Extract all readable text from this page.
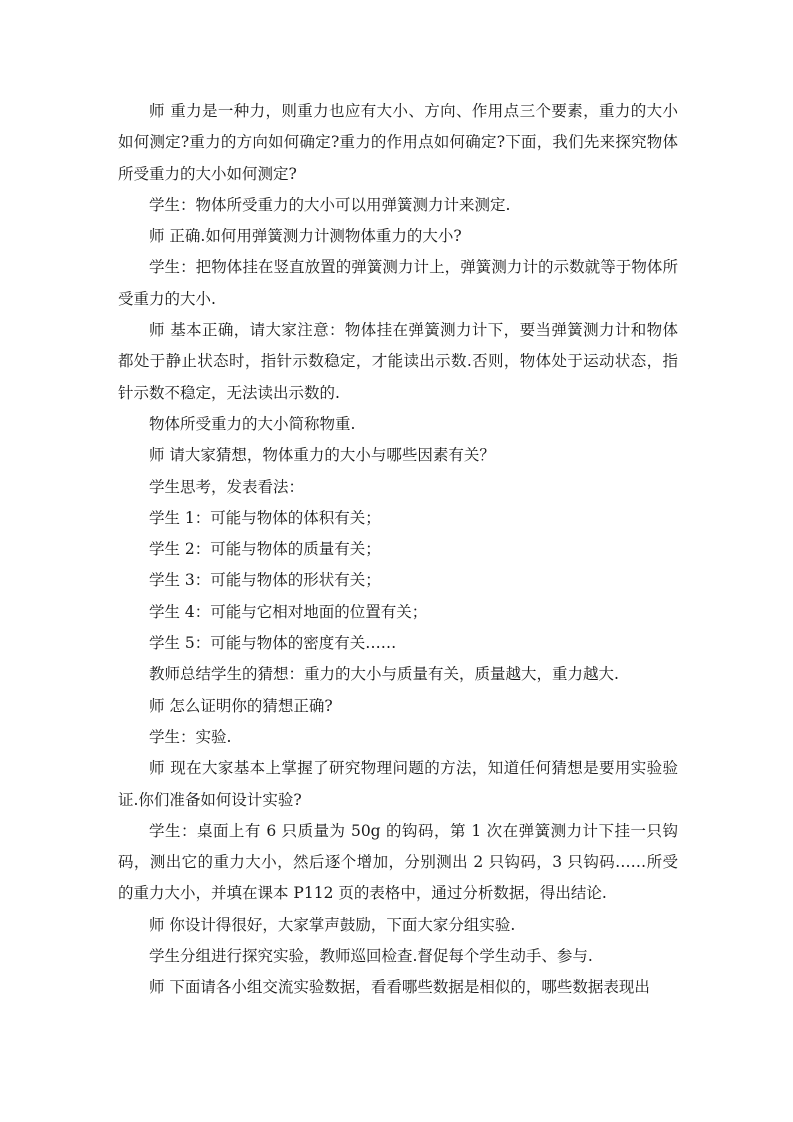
师 重力是一种力，则重力也应有大小、方向、作用点三个要素，重力的大小如何测定?重力的方向如何确定?重力的作用点如何确定?下面，我们先来探究物体所受重力的大小如何测定?

学生：物体所受重力的大小可以用弹簧测力计来测定.

师 正确.如何用弹簧测力计测物体重力的大小?

学生：把物体挂在竖直放置的弹簧测力计上，弹簧测力计的示数就等于物体所受重力的大小.

师 基本正确，请大家注意：物体挂在弹簧测力计下，要当弹簧测力计和物体都处于静止状态时，指针示数稳定，才能读出示数.否则，物体处于运动状态，指针示数不稳定，无法读出示数的.

物体所受重力的大小简称物重.

师 请大家猜想，物体重力的大小与哪些因素有关？

学生思考，发表看法：

学生 1：可能与物体的体积有关；

学生 2：可能与物体的质量有关；

学生 3：可能与物体的形状有关；

学生 4：可能与它相对地面的位置有关；

学生 5：可能与物体的密度有关……

教师总结学生的猜想：重力的大小与质量有关，质量越大，重力越大.

师 怎么证明你的猜想正确?

学生：实验.

师 现在大家基本上掌握了研究物理问题的方法，知道任何猜想是要用实验验证.你们准备如何设计实验?

学生：桌面上有 6 只质量为 50g 的钩码，第 1 次在弹簧测力计下挂一只钩码，测出它的重力大小，然后逐个增加，分别测出 2 只钩码，3 只钩码……所受的重力大小，并填在课本 P112 页的表格中，通过分析数据，得出结论.

师 你设计得很好，大家掌声鼓励，下面大家分组实验.

学生分组进行探究实验，教师巡回检查.督促每个学生动手、参与.

师 下面请各小组交流实验数据，看看哪些数据是相似的，哪些数据表现出
